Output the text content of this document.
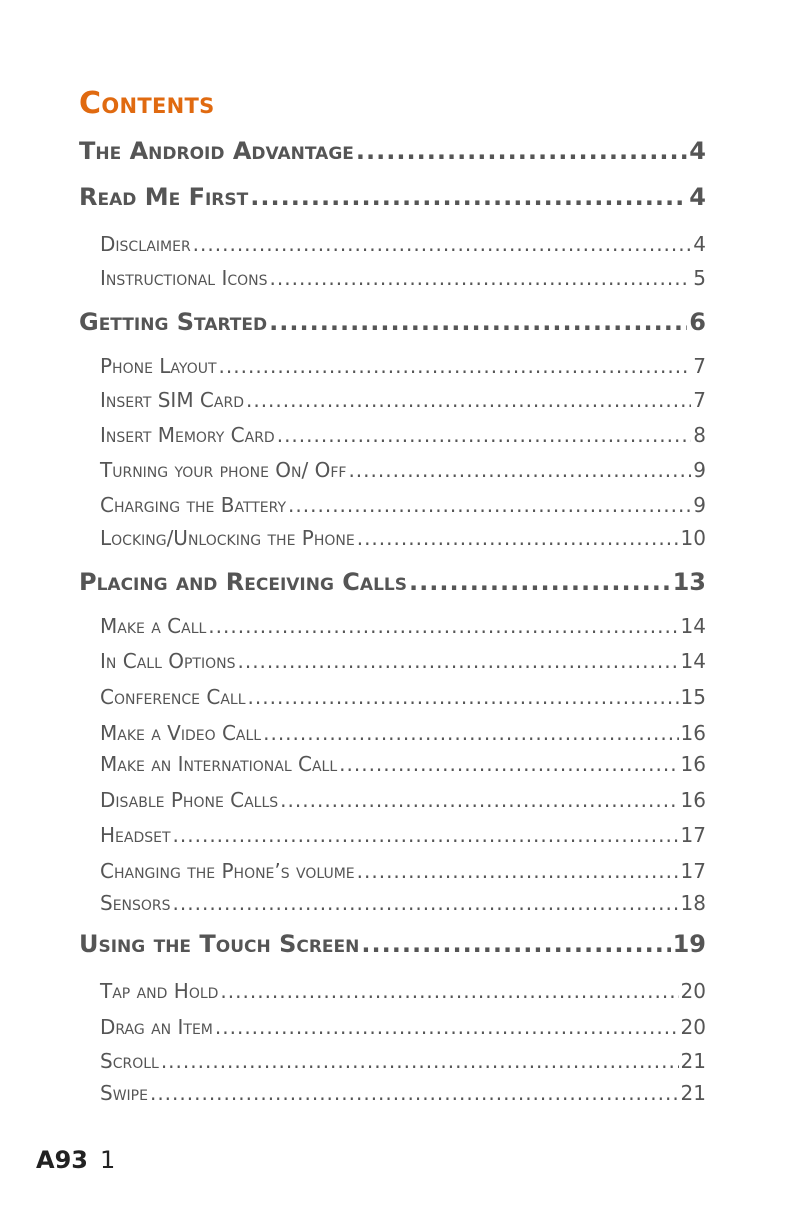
Contents
The Android Advantage .....	4
Read Me First .....	4
Disclaimer .....	4
Instructional Icons .....	5
Getting Started .....	6
Phone Layout .....	7
Insert SIM Card .....	7
Insert Memory Card .....	8
Turning your phone On/ Off .....	9
Charging the Battery .....	9
Locking/Unlocking the Phone .....	10
Placing and Receiving Calls .....	13
Make a Call .....	14
In Call Options .....	14
Conference Call .....	15
Make a Video Call .....	16
Make an International Call .....	16
Disable Phone Calls .....	16
Headset .....	17
Changing the Phone’s volume .....	17
Sensors .....	18
Using the Touch Screen .....	19
Tap and Hold .....	20
Drag an Item .....	20
Scroll .....	21
Swipe .....	21
A93 1
